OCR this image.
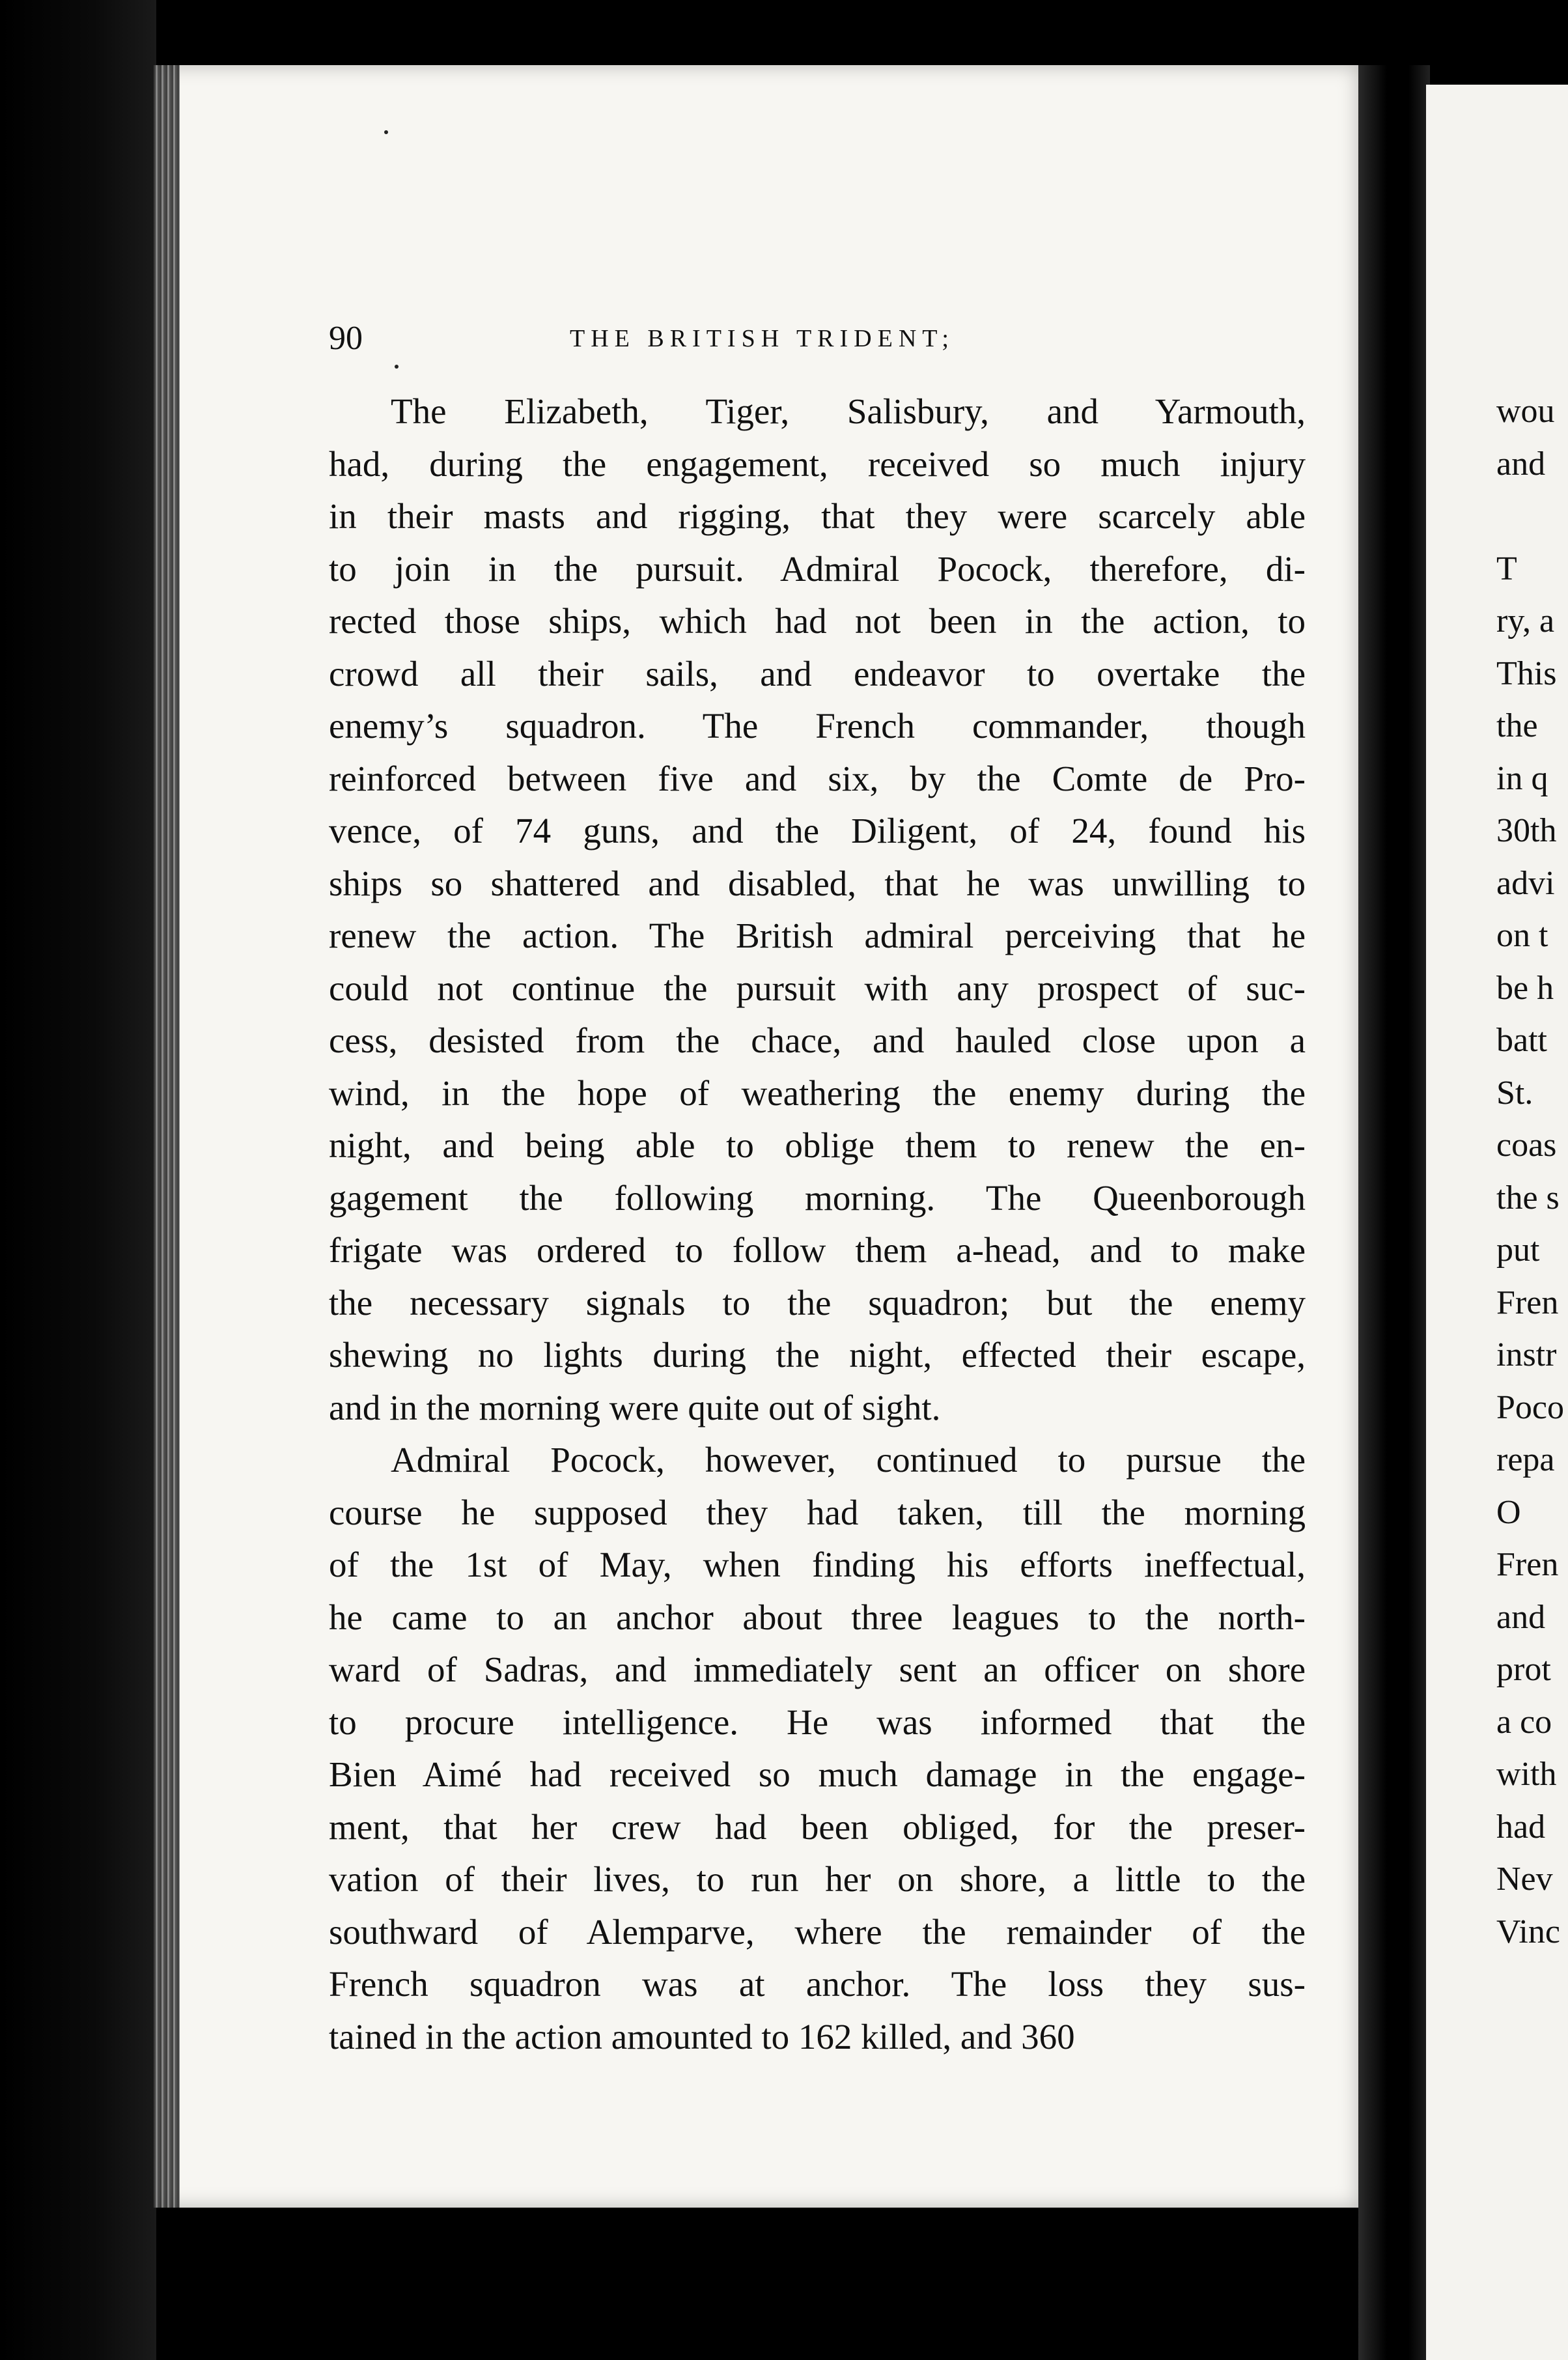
90	THE BRITISH TRIDENT;
The Elizabeth, Tiger, Salisbury, and Yarmouth,
had, during the engagement, received so much injury
in their masts and rigging, that they were scarcely able
to join in the pursuit. Admiral Pocock, therefore, di-
rected those ships, which had not been in the action, to
crowd all their sails, and endeavor to overtake the
enemy’s squadron. The French commander, though
reinforced between five and six, by the Comte de Pro-
vence, of 74 guns, and the Diligent, of 24, found his
ships so shattered and disabled, that he was unwilling to
renew the action. The British admiral perceiving that he
could not continue the pursuit with any prospect of suc-
cess, desisted from the chace, and hauled close upon a
wind, in the hope of weathering the enemy during the
night, and being able to oblige them to renew the en-
gagement the following morning. The Queenborough
frigate was ordered to follow them a-head, and to make
the necessary signals to the squadron; but the enemy
shewing no lights during the night, effected their escape,
and in the morning were quite out of sight.
Admiral Pocock, however, continued to pursue the
course he supposed they had taken, till the morning
of the 1st of May, when finding his efforts ineffectual,
he came to an anchor about three leagues to the north-
ward of Sadras, and immediately sent an officer on shore
to procure intelligence. He was informed that the
Bien Aimé had received so much damage in the engage-
ment, that her crew had been obliged, for the preser-
vation of their lives, to run her on shore, a little to the
southward of Alemparve, where the remainder of the
French squadron was at anchor. The loss they sus-
tained in the action amounted to 162 killed, and 360
wou
and
T
ry, a
This
the
in q
30th
advi
on t
be h
batt
St.
coas
the s
put
Fren
instr
Poco
repa
O
Fren
and
prot
a co
with
had
Nev
Vinc
